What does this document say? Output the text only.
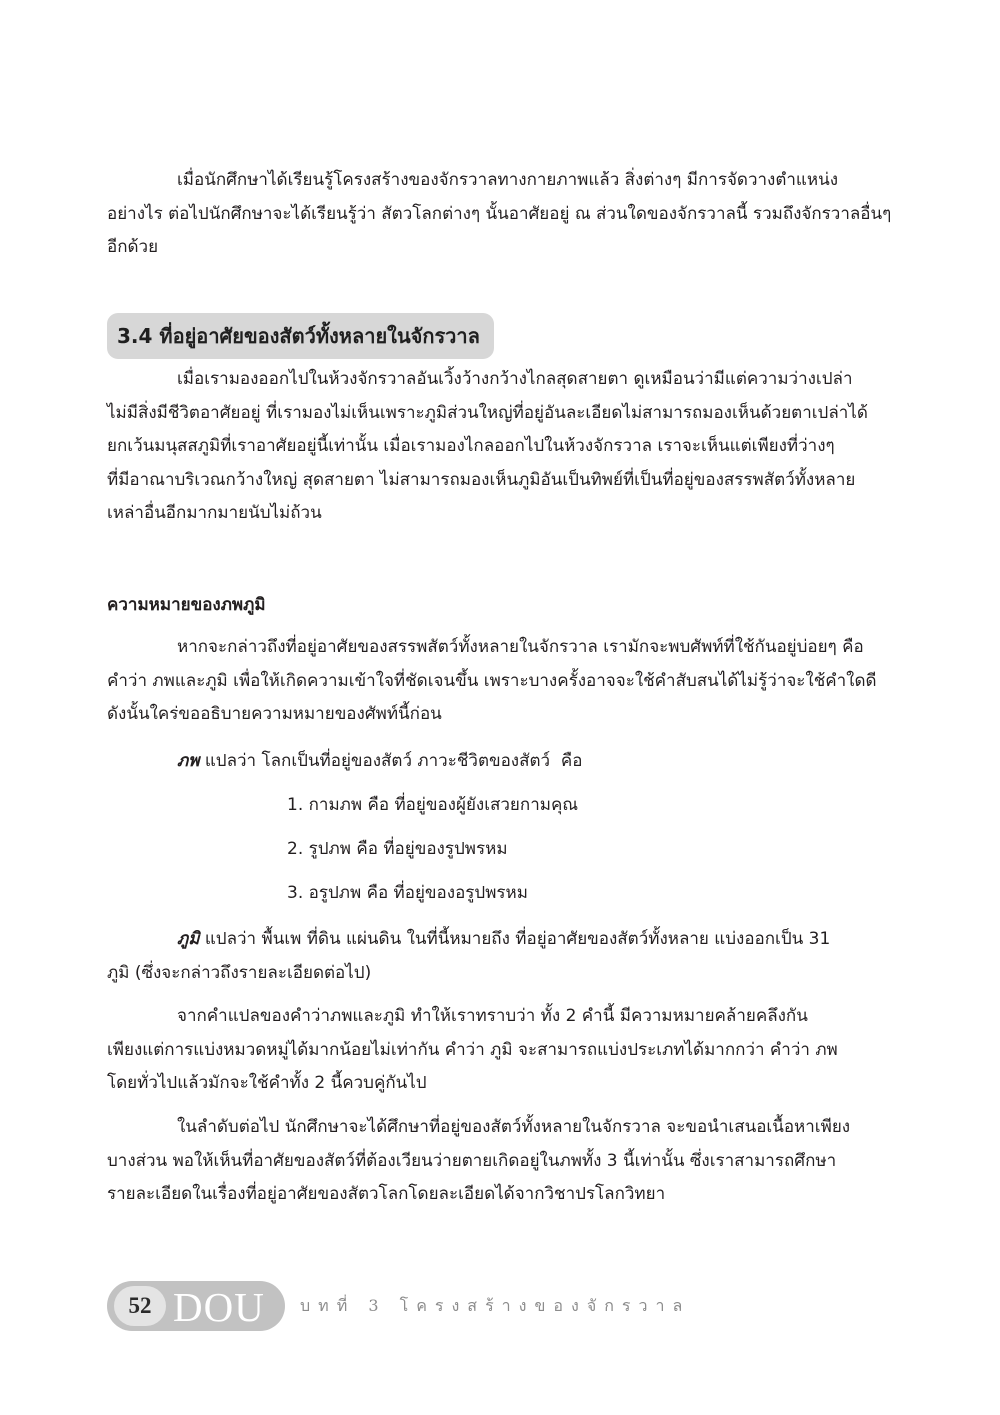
เมื่อนักศึกษาได้เรียนรู้โครงสร้างของจักรวาลทางกายภาพแล้ว สิ่งต่างๆ มีการจัดวางตำแหน่ง
อย่างไร ต่อไปนักศึกษาจะได้เรียนรู้ว่า สัตวโลกต่างๆ นั้นอาศัยอยู่ ณ ส่วนใดของจักรวาลนี้ รวมถึงจักรวาลอื่นๆ
อีกด้วย
3.4 ที่อยู่อาศัยของสัตว์ทั้งหลายในจักรวาล
เมื่อเรามองออกไปในห้วงจักรวาลอันเวิ้งว้างกว้างไกลสุดสายตา ดูเหมือนว่ามีแต่ความว่างเปล่า
ไม่มีสิ่งมีชีวิตอาศัยอยู่ ที่เรามองไม่เห็นเพราะภูมิส่วนใหญ่ที่อยู่อันละเอียดไม่สามารถมองเห็นด้วยตาเปล่าได้
ยกเว้นมนุสสภูมิที่เราอาศัยอยู่นี้เท่านั้น เมื่อเรามองไกลออกไปในห้วงจักรวาล เราจะเห็นแต่เพียงที่ว่างๆ
ที่มีอาณาบริเวณกว้างใหญ่ สุดสายตา ไม่สามารถมองเห็นภูมิอันเป็นทิพย์ที่เป็นที่อยู่ของสรรพสัตว์ทั้งหลาย
เหล่าอื่นอีกมากมายนับไม่ถ้วน
ความหมายของภพภูมิ
หากจะกล่าวถึงที่อยู่อาศัยของสรรพสัตว์ทั้งหลายในจักรวาล เรามักจะพบศัพท์ที่ใช้กันอยู่บ่อยๆ คือ
คำว่า ภพและภูมิ เพื่อให้เกิดความเข้าใจที่ชัดเจนขึ้น เพราะบางครั้งอาจจะใช้คำสับสนได้ไม่รู้ว่าจะใช้คำใดดี
ดังนั้นใคร่ขออธิบายความหมายของศัพท์นี้ก่อน
ภพ แปลว่า โลกเป็นที่อยู่ของสัตว์ ภาวะชีวิตของสัตว์  คือ
1. กามภพ คือ ที่อยู่ของผู้ยังเสวยกามคุณ
2. รูปภพ คือ ที่อยู่ของรูปพรหม
3. อรูปภพ คือ ที่อยู่ของอรูปพรหม
ภูมิ แปลว่า พื้นเพ ที่ดิน แผ่นดิน ในที่นี้หมายถึง ที่อยู่อาศัยของสัตว์ทั้งหลาย แบ่งออกเป็น 31
ภูมิ (ซึ่งจะกล่าวถึงรายละเอียดต่อไป)
จากคำแปลของคำว่าภพและภูมิ ทำให้เราทราบว่า ทั้ง 2 คำนี้ มีความหมายคล้ายคลึงกัน
เพียงแต่การแบ่งหมวดหมู่ได้มากน้อยไม่เท่ากัน คำว่า ภูมิ จะสามารถแบ่งประเภทได้มากกว่า คำว่า ภพ
โดยทั่วไปแล้วมักจะใช้คำทั้ง 2 นี้ควบคู่กันไป
ในลำดับต่อไป นักศึกษาจะได้ศึกษาที่อยู่ของสัตว์ทั้งหลายในจักรวาล จะขอนำเสนอเนื้อหาเพียง
บางส่วน พอให้เห็นที่อาศัยของสัตว์ที่ต้องเวียนว่ายตายเกิดอยู่ในภพทั้ง 3 นี้เท่านั้น ซึ่งเราสามารถศึกษา
รายละเอียดในเรื่องที่อยู่อาศัยของสัตวโลกโดยละเอียดได้จากวิชาปรโลกวิทยา
52 DOU บทที่ 3 โครงสร้างของจักรวาล
